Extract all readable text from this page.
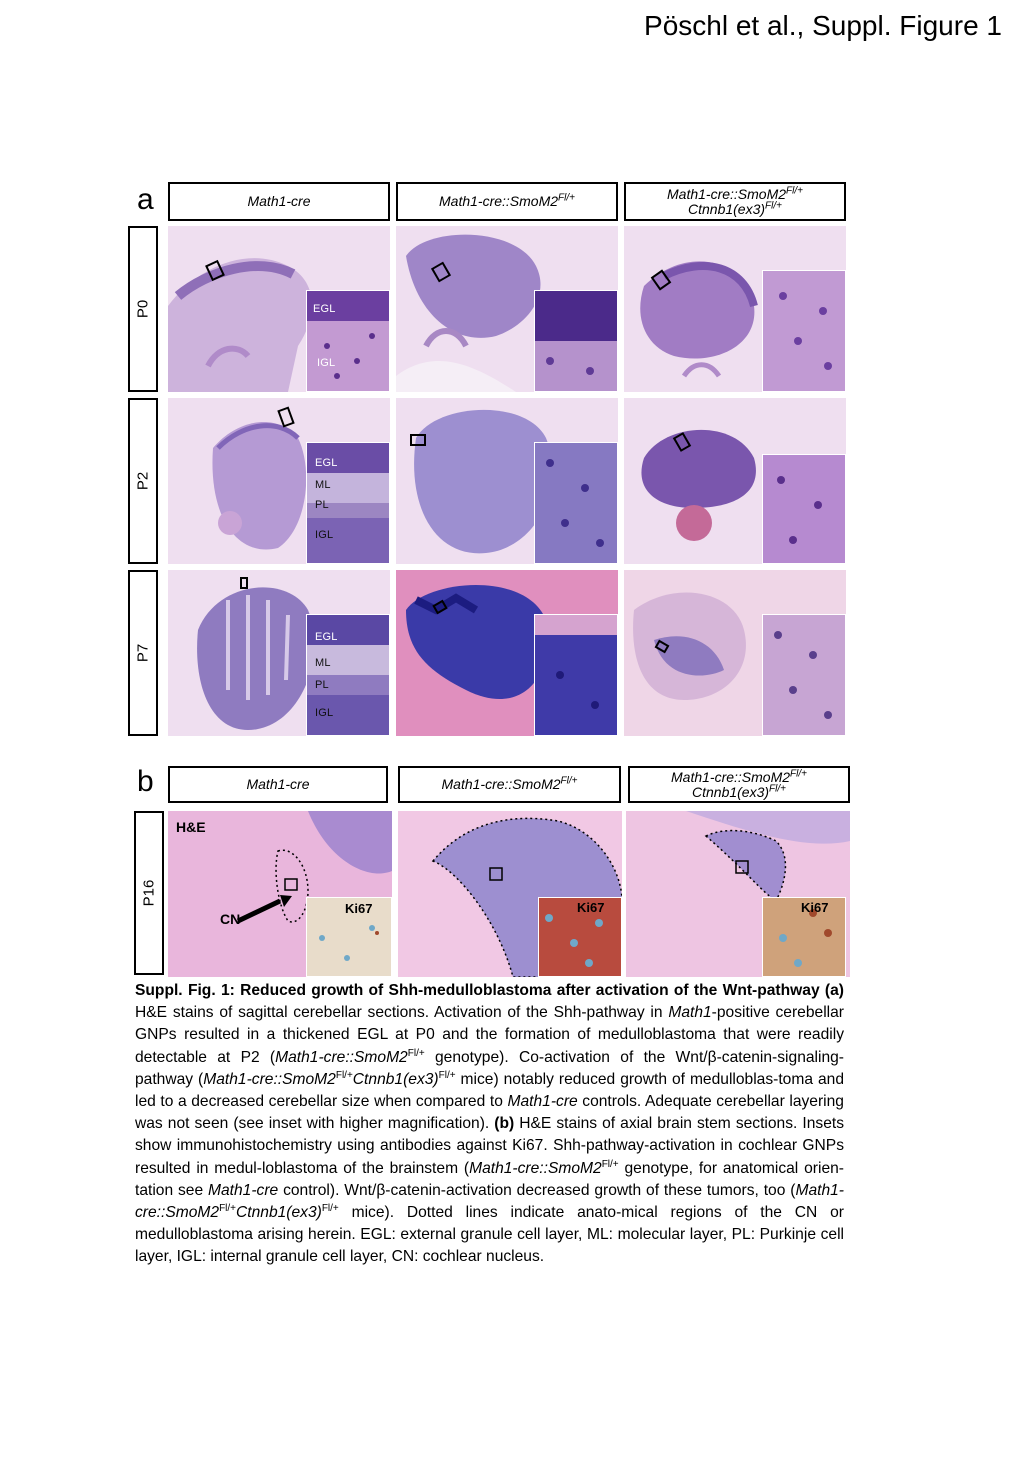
Pöschl et al., Suppl. Figure 1
a	Math1-cre	$Math1-cre::SmoM2^{Fl/+}$	$Math1-cre::SmoM2^{Fl/+}$
$Ctnnb1(ex3)^{Fl/+}$
P0
P2
P7
EGL
IGL
EGL
ML
PL
IGL
EGL
ML
PL
IGL
b	Math1-cre	$Math1-cre::SmoM2^{Fl/+}$	$Math1-cre::SmoM2^{Fl/+}$
$Ctnnb1(ex3)^{Fl/+}$
P16
H&E
CN
Ki67	Ki67	Ki67

Suppl. Fig. 1: Reduced growth of Shh-medulloblastoma after activation of the Wnt-pathway (a) H&E stains of sagittal cerebellar sections. Activation of the Shh-pathway in Math1-positive cerebellar GNPs resulted in a thickened EGL at P0 and the formation of medulloblastoma that were readily detectable at P2 ($Math1-cre::SmoM2^{Fl/+}$ genotype). Co-activation of the Wnt/β-catenin-signaling-pathway ($Math1-cre::SmoM2^{Fl/+}Ctnnb1(ex3)^{Fl/+}$ mice) notably reduced growth of medulloblas-toma and led to a decreased cerebellar size when compared to Math1-cre controls. Adequate cerebellar layering was not seen (see inset with higher magnification). (b) H&E stains of axial brain stem sections. Insets show immunohistochemistry using antibodies against Ki67. Shh-pathway-activation in cochlear GNPs resulted in medul-loblastoma of the brainstem ($Math1-cre::SmoM2^{Fl/+}$ genotype, for anatomical orien-tation see Math1-cre control). Wnt/β-catenin-activation decreased growth of these tumors, too ($Math1-cre::SmoM2^{Fl/+}Ctnnb1(ex3)^{Fl/+}$ mice). Dotted lines indicate anato-mical regions of the CN or medulloblastoma arising herein. EGL: external granule cell layer, ML: molecular layer, PL: Purkinje cell layer, IGL: internal granule cell layer, CN: cochlear nucleus.
